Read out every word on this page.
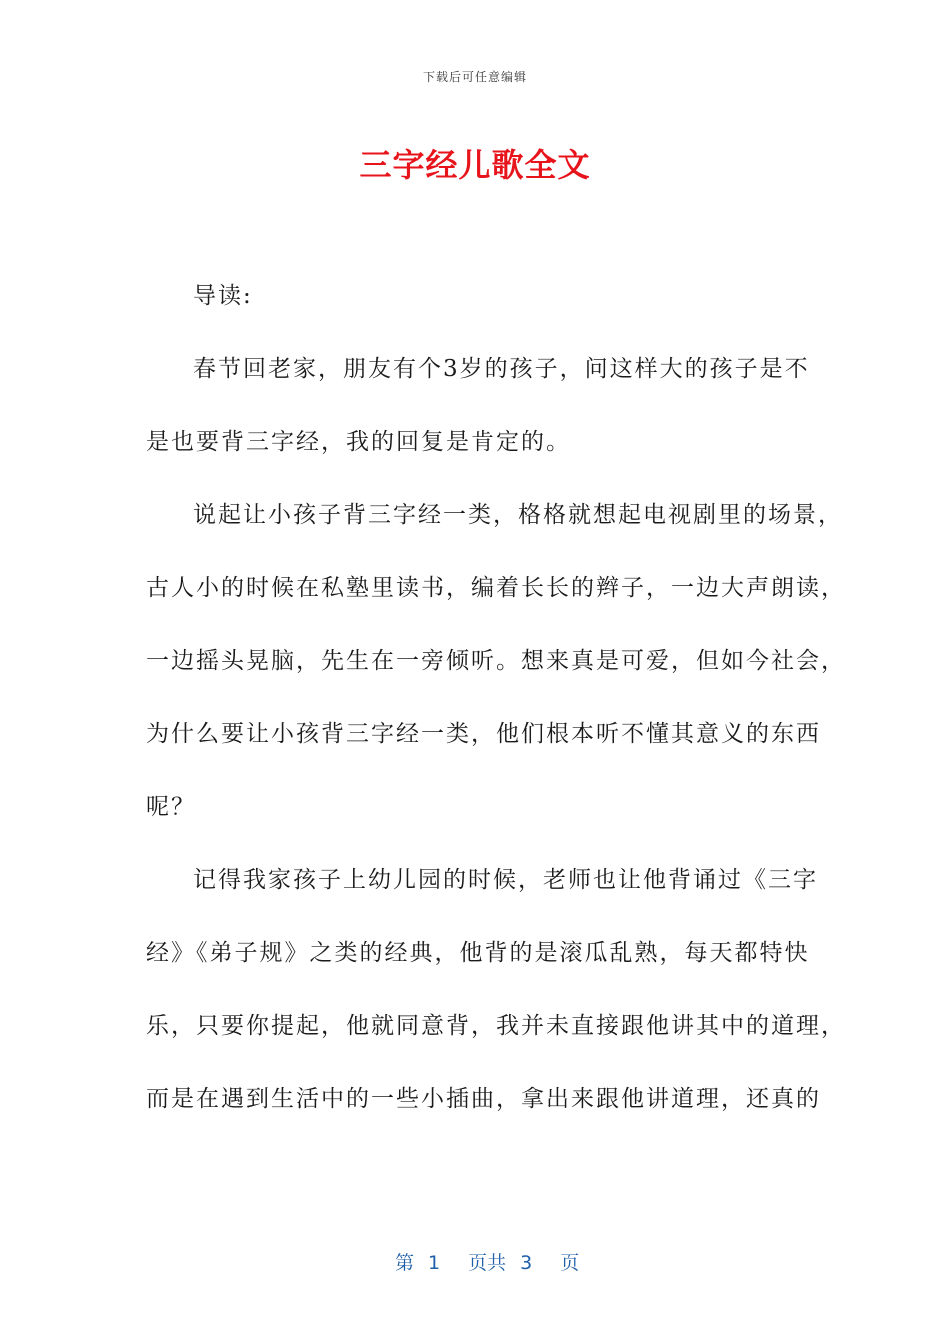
下载后可任意编辑
三字经儿歌全文
导读:
春节回老家，朋友有个3岁的孩子，问这样大的孩子是不
是也要背三字经，我的回复是肯定的。
说起让小孩子背三字经一类，格格就想起电视剧里的场景，
古人小的时候在私塾里读书，编着长长的辫子，一边大声朗读，
一边摇头晃脑，先生在一旁倾听。想来真是可爱，但如今社会，
为什么要让小孩背三字经一类，他们根本听不懂其意义的东西
呢？
记得我家孩子上幼儿园的时候，老师也让他背诵过《三字
经》《弟子规》之类的经典，他背的是滚瓜乱熟，每天都特快
乐，只要你提起，他就同意背，我并未直接跟他讲其中的道理，
而是在遇到生活中的一些小插曲，拿出来跟他讲道理，还真的

第 1 页共 3 页
